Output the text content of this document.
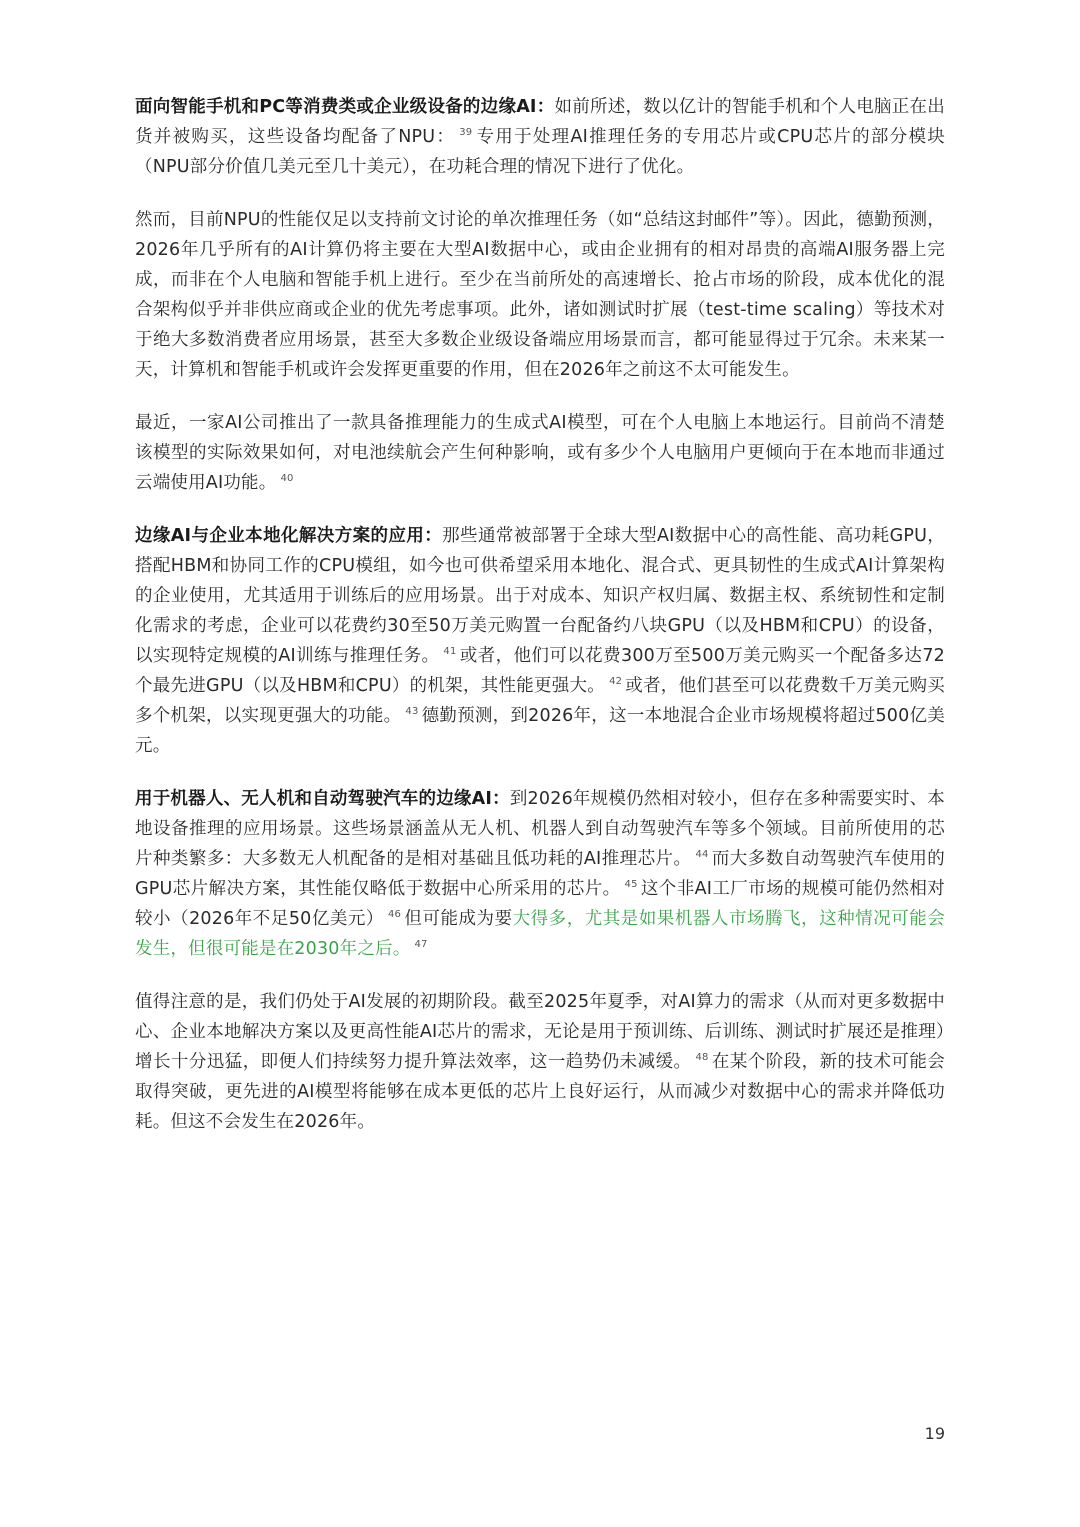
面向智能手机和PC等消费类或企业级设备的边缘AI：如前所述，数以亿计的智能手机和个人电脑正在出货并被购买，这些设备均配备了NPU： $^{39}$ 专用于处理AI推理任务的专用芯片或CPU芯片的部分模块（NPU部分价值几美元至几十美元），在功耗合理的情况下进行了优化。

然而，目前NPU的性能仅足以支持前文讨论的单次推理任务（如“总结这封邮件”等）。因此，德勤预测，2026年几乎所有的AI计算仍将主要在大型AI数据中心，或由企业拥有的相对昂贵的高端AI服务器上完成，而非在个人电脑和智能手机上进行。至少在当前所处的高速增长、抢占市场的阶段，成本优化的混合架构似乎并非供应商或企业的优先考虑事项。此外，诸如测试时扩展（test-time scaling）等技术对于绝大多数消费者应用场景，甚至大多数企业级设备端应用场景而言，都可能显得过于冗余。未来某一天，计算机和智能手机或许会发挥更重要的作用，但在2026年之前这不太可能发生。

最近，一家AI公司推出了一款具备推理能力的生成式AI模型，可在个人电脑上本地运行。目前尚不清楚该模型的实际效果如何，对电池续航会产生何种影响，或有多少个人电脑用户更倾向于在本地而非通过云端使用AI功能。 $^{40}$

边缘AI与企业本地化解决方案的应用：那些通常被部署于全球大型AI数据中心的高性能、高功耗GPU，搭配HBM和协同工作的CPU模组，如今也可供希望采用本地化、混合式、更具韧性的生成式AI计算架构的企业使用，尤其适用于训练后的应用场景。出于对成本、知识产权归属、数据主权、系统韧性和定制化需求的考虑，企业可以花费约30至50万美元购置一台配备约八块GPU（以及HBM和CPU）的设备，以实现特定规模的AI训练与推理任务。 $^{41}$ 或者，他们可以花费300万至500万美元购买一个配备多达72个最先进GPU（以及HBM和CPU）的机架，其性能更强大。 $^{42}$ 或者，他们甚至可以花费数千万美元购买多个机架，以实现更强大的功能。 $^{43}$ 德勤预测，到2026年，这一本地混合企业市场规模将超过500亿美元。

用于机器人、无人机和自动驾驶汽车的边缘AI：到2026年规模仍然相对较小，但存在多种需要实时、本地设备推理的应用场景。这些场景涵盖从无人机、机器人到自动驾驶汽车等多个领域。目前所使用的芯片种类繁多：大多数无人机配备的是相对基础且低功耗的AI推理芯片。 $^{44}$ 而大多数自动驾驶汽车使用的GPU芯片解决方案，其性能仅略低于数据中心所采用的芯片。 $^{45}$ 这个非AI工厂市场的规模可能仍然相对较小（2026年不足50亿美元） $^{46}$ 但可能成为要大得多，尤其是如果机器人市场腾飞，这种情况可能会发生，但很可能是在2030年之后。 $^{47}$

值得注意的是，我们仍处于AI发展的初期阶段。截至2025年夏季，对AI算力的需求（从而对更多数据中心、企业本地解决方案以及更高性能AI芯片的需求，无论是用于预训练、后训练、测试时扩展还是推理）增长十分迅猛，即便人们持续努力提升算法效率，这一趋势仍未减缓。 $^{48}$ 在某个阶段，新的技术可能会取得突破，更先进的AI模型将能够在成本更低的芯片上良好运行，从而减少对数据中心的需求并降低功耗。但这不会发生在2026年。

19
